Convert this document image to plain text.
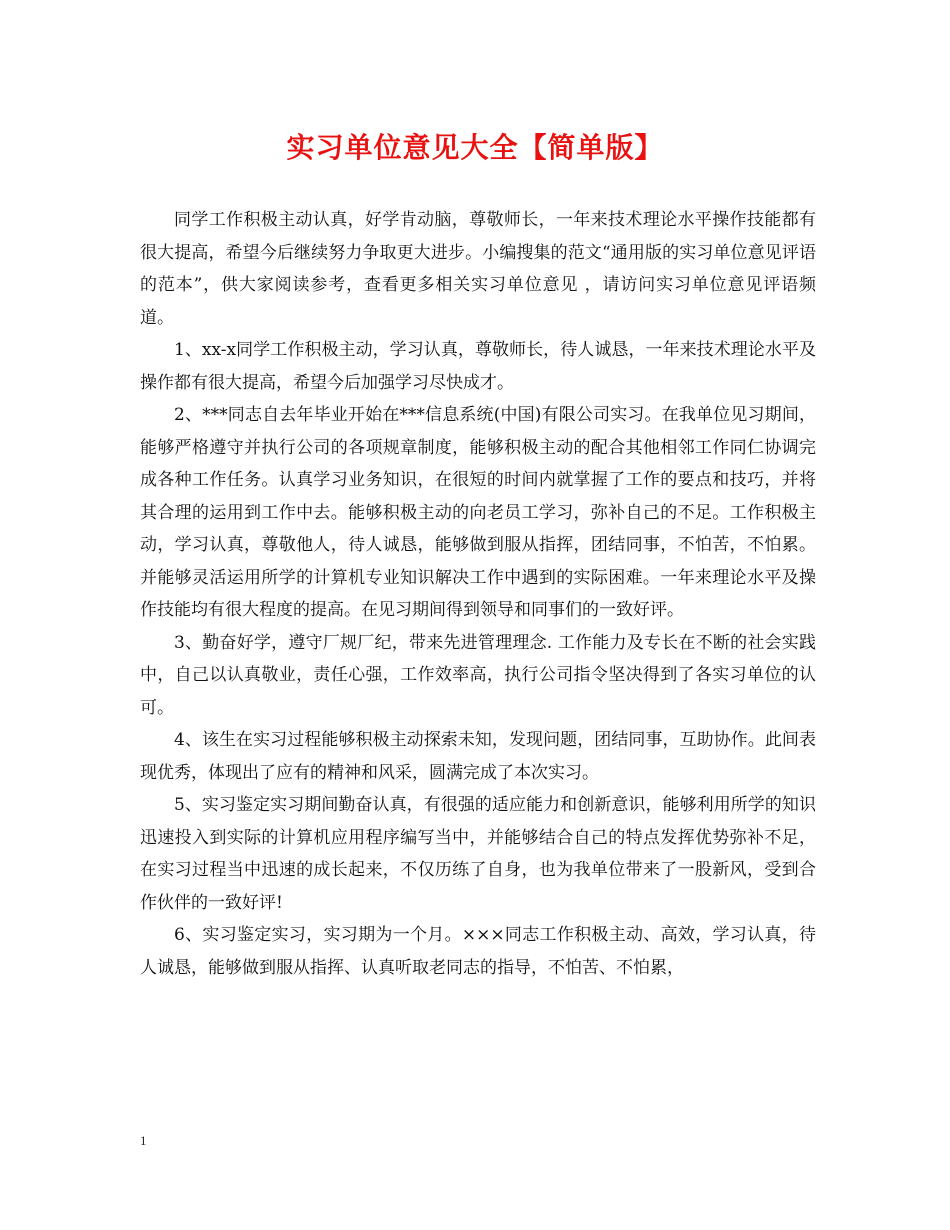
实习单位意见大全【简单版】

同学工作积极主动认真，好学肯动脑，尊敬师长，一年来技术理论水平操作技能都有很大提高，希望今后继续努力争取更大进步。小编搜集的范文“通用版的实习单位意见评语的范本”，供大家阅读参考，查看更多相关实习单位意见 ，请访问实习单位意见评语频道。

1、xx-x同学工作积极主动，学习认真，尊敬师长，待人诚恳，一年来技术理论水平及操作都有很大提高，希望今后加强学习尽快成才。

2、***同志自去年毕业开始在***信息系统(中国)有限公司实习。在我单位见习期间，能够严格遵守并执行公司的各项规章制度，能够积极主动的配合其他相邻工作同仁协调完成各种工作任务。认真学习业务知识，在很短的时间内就掌握了工作的要点和技巧，并将其合理的运用到工作中去。能够积极主动的向老员工学习，弥补自己的不足。工作积极主动，学习认真，尊敬他人，待人诚恳，能够做到服从指挥，团结同事，不怕苦，不怕累。并能够灵活运用所学的计算机专业知识解决工作中遇到的实际困难。一年来理论水平及操作技能均有很大程度的提高。在见习期间得到领导和同事们的一致好评。

3、勤奋好学，遵守厂规厂纪，带来先进管理理念. 工作能力及专长在不断的社会实践中，自己以认真敬业，责任心强，工作效率高，执行公司指令坚决得到了各实习单位的认可。

4、该生在实习过程能够积极主动探索未知，发现问题，团结同事，互助协作。此间表现优秀，体现出了应有的精神和风采，圆满完成了本次实习。

5、实习鉴定实习期间勤奋认真，有很强的适应能力和创新意识，能够利用所学的知识迅速投入到实际的计算机应用程序编写当中，并能够结合自己的特点发挥优势弥补不足，在实习过程当中迅速的成长起来，不仅历练了自身，也为我单位带来了一股新风，受到合作伙伴的一致好评!

6、实习鉴定实习，实习期为一个月。×××同志工作积极主动、高效，学习认真，待人诚恳，能够做到服从指挥、认真听取老同志的指导，不怕苦、不怕累，

1
